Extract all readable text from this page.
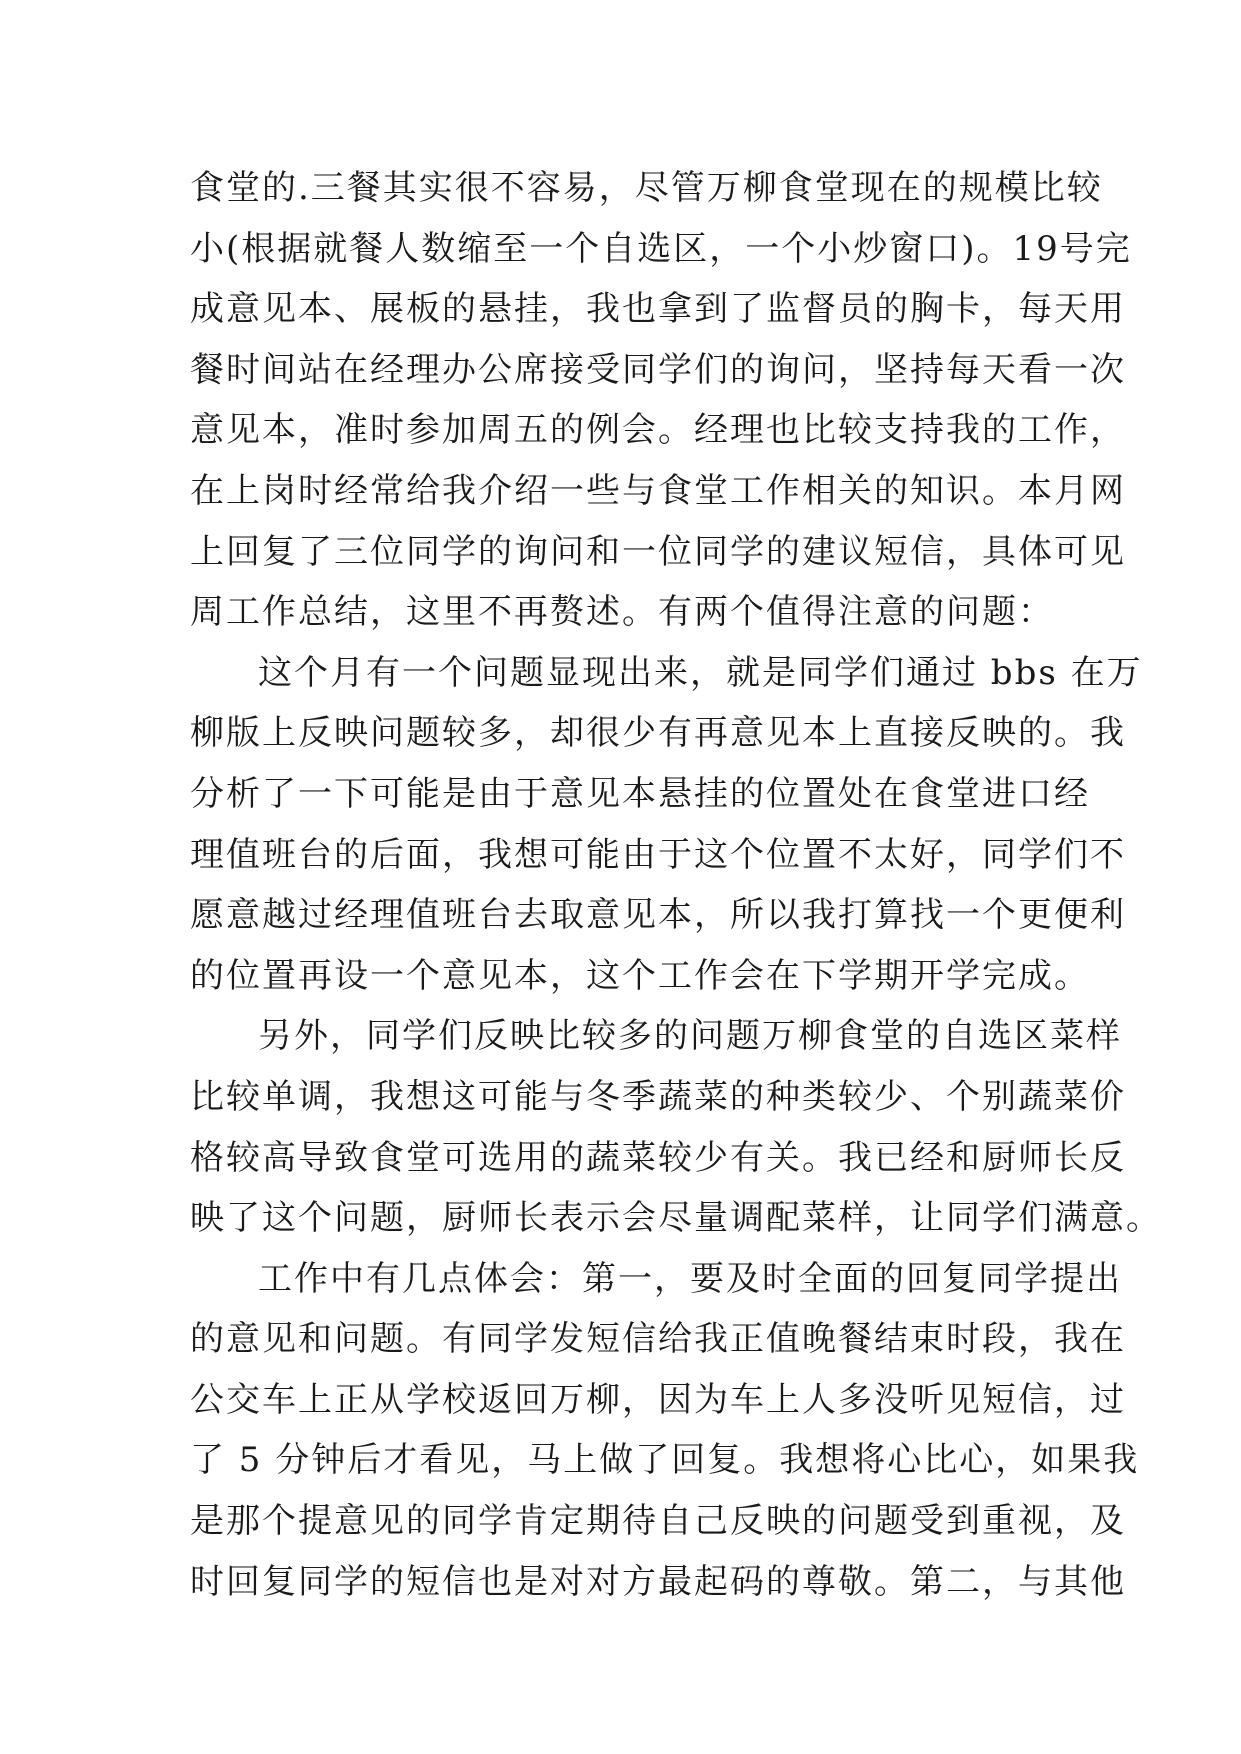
食堂的.三餐其实很不容易，尽管万柳食堂现在的规模比较
小(根据就餐人数缩至一个自选区，一个小炒窗口)。19号完
成意见本、展板的悬挂，我也拿到了监督员的胸卡，每天用
餐时间站在经理办公席接受同学们的询问，坚持每天看一次
意见本，准时参加周五的例会。经理也比较支持我的工作，
在上岗时经常给我介绍一些与食堂工作相关的知识。本月网
上回复了三位同学的询问和一位同学的建议短信，具体可见
周工作总结，这里不再赘述。有两个值得注意的问题：
这个月有一个问题显现出来，就是同学们通过 bbs 在万
柳版上反映问题较多，却很少有再意见本上直接反映的。我
分析了一下可能是由于意见本悬挂的位置处在食堂进口经
理值班台的后面，我想可能由于这个位置不太好，同学们不
愿意越过经理值班台去取意见本，所以我打算找一个更便利
的位置再设一个意见本，这个工作会在下学期开学完成。
另外，同学们反映比较多的问题万柳食堂的自选区菜样
比较单调，我想这可能与冬季蔬菜的种类较少、个别蔬菜价
格较高导致食堂可选用的蔬菜较少有关。我已经和厨师长反
映了这个问题，厨师长表示会尽量调配菜样，让同学们满意。
工作中有几点体会：第一，要及时全面的回复同学提出
的意见和问题。有同学发短信给我正值晚餐结束时段，我在
公交车上正从学校返回万柳，因为车上人多没听见短信，过
了 5 分钟后才看见，马上做了回复。我想将心比心，如果我
是那个提意见的同学肯定期待自己反映的问题受到重视，及
时回复同学的短信也是对对方最起码的尊敬。第二，与其他
